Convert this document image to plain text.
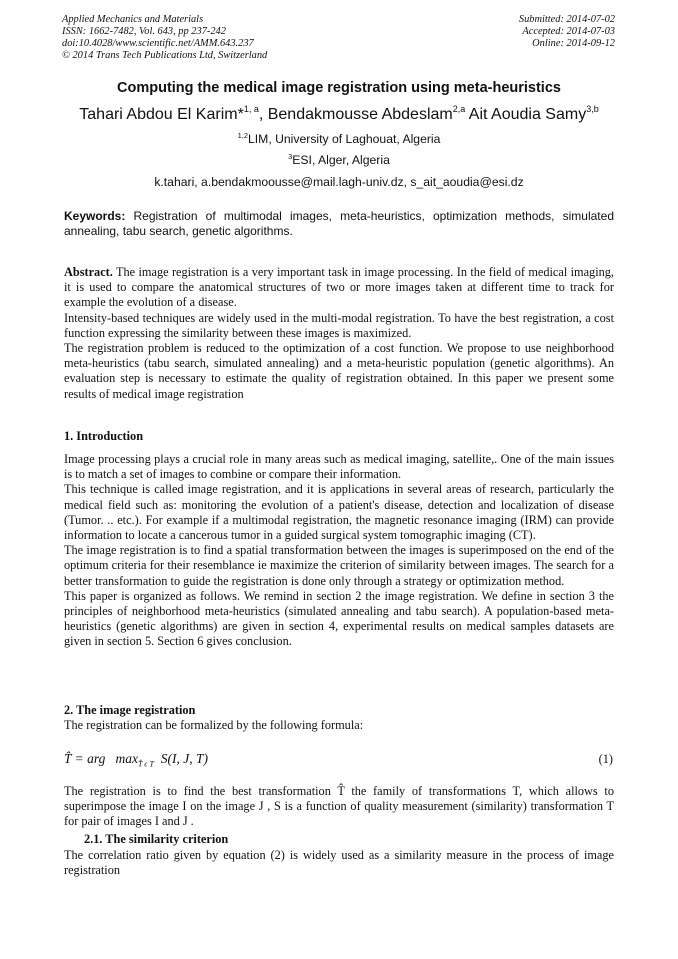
Applied Mechanics and Materials
ISSN: 1662-7482, Vol. 643, pp 237-242
doi:10.4028/www.scientific.net/AMM.643.237
© 2014 Trans Tech Publications Ltd, Switzerland
Submitted: 2014-07-02
Accepted: 2014-07-03
Online: 2014-09-12
Computing the medical image registration using meta-heuristics
Tahari Abdou El Karim*$^{1, a}$, Bendakmousse Abdeslam$^{2,a}$ Ait Aoudia Samy$^{3,b}$
$^{1,2}$LIM, University of Laghouat, Algeria
$^3$ESI, Alger, Algeria
k.tahari, a.bendakmoousse@mail.lagh-univ.dz, s_ait_aoudia@esi.dz
Keywords: Registration of multimodal images, meta-heuristics, optimization methods, simulated annealing, tabu search, genetic algorithms.

Abstract. The image registration is a very important task in image processing. In the field of medical imaging, it is used to compare the anatomical structures of two or more images taken at different time to track for example the evolution of a disease.

Intensity-based techniques are widely used in the multi-modal registration. To have the best registration, a cost function expressing the similarity between these images is maximized.

The registration problem is reduced to the optimization of a cost function. We propose to use neighborhood meta-heuristics (tabu search, simulated annealing) and a meta-heuristic population (genetic algorithms). An evaluation step is necessary to estimate the quality of registration obtained. In this paper we present some results of medical image registration

1. Introduction

Image processing plays a crucial role in many areas such as medical imaging, satellite,. One of the main issues is to match a set of images to combine or compare their information.

This technique is called image registration, and it is applications in several areas of research, particularly the medical field such as: monitoring the evolution of a patient's disease, detection and localization of disease (Tumor. .. etc.). For example if a multimodal registration, the magnetic resonance imaging (IRM) can provide information to locate a cancerous tumor in a guided surgical system tomographic imaging (CT).

The image registration is to find a spatial transformation between the images is superimposed on the end of the optimum criteria for their resemblance ie maximize the criterion of similarity between images. The search for a better transformation to guide the registration is done only through a strategy or optimization method.

This paper is organized as follows. We remind in section 2 the image registration. We define in section 3 the principles of neighborhood meta-heuristics (simulated annealing and tabu search). A population-based meta-heuristics (genetic algorithms) are given in section 4, experimental results on medical samples datasets are given in section 5. Section 6 gives conclusion.

2. The image registration
The registration can be formalized by the following formula:
T̂ = arg   $\max_{T̂ \epsilon T} S(I$, J, T)	(1)
The registration is to find the best transformation T̂ the family of transformations T, which allows to superimpose the image I on the image J , S is a function of quality measurement (similarity) transformation T for pair of images I and J .
2.1. The similarity criterion
The correlation ratio given by equation (2) is widely used as a similarity measure in the process of image registration
